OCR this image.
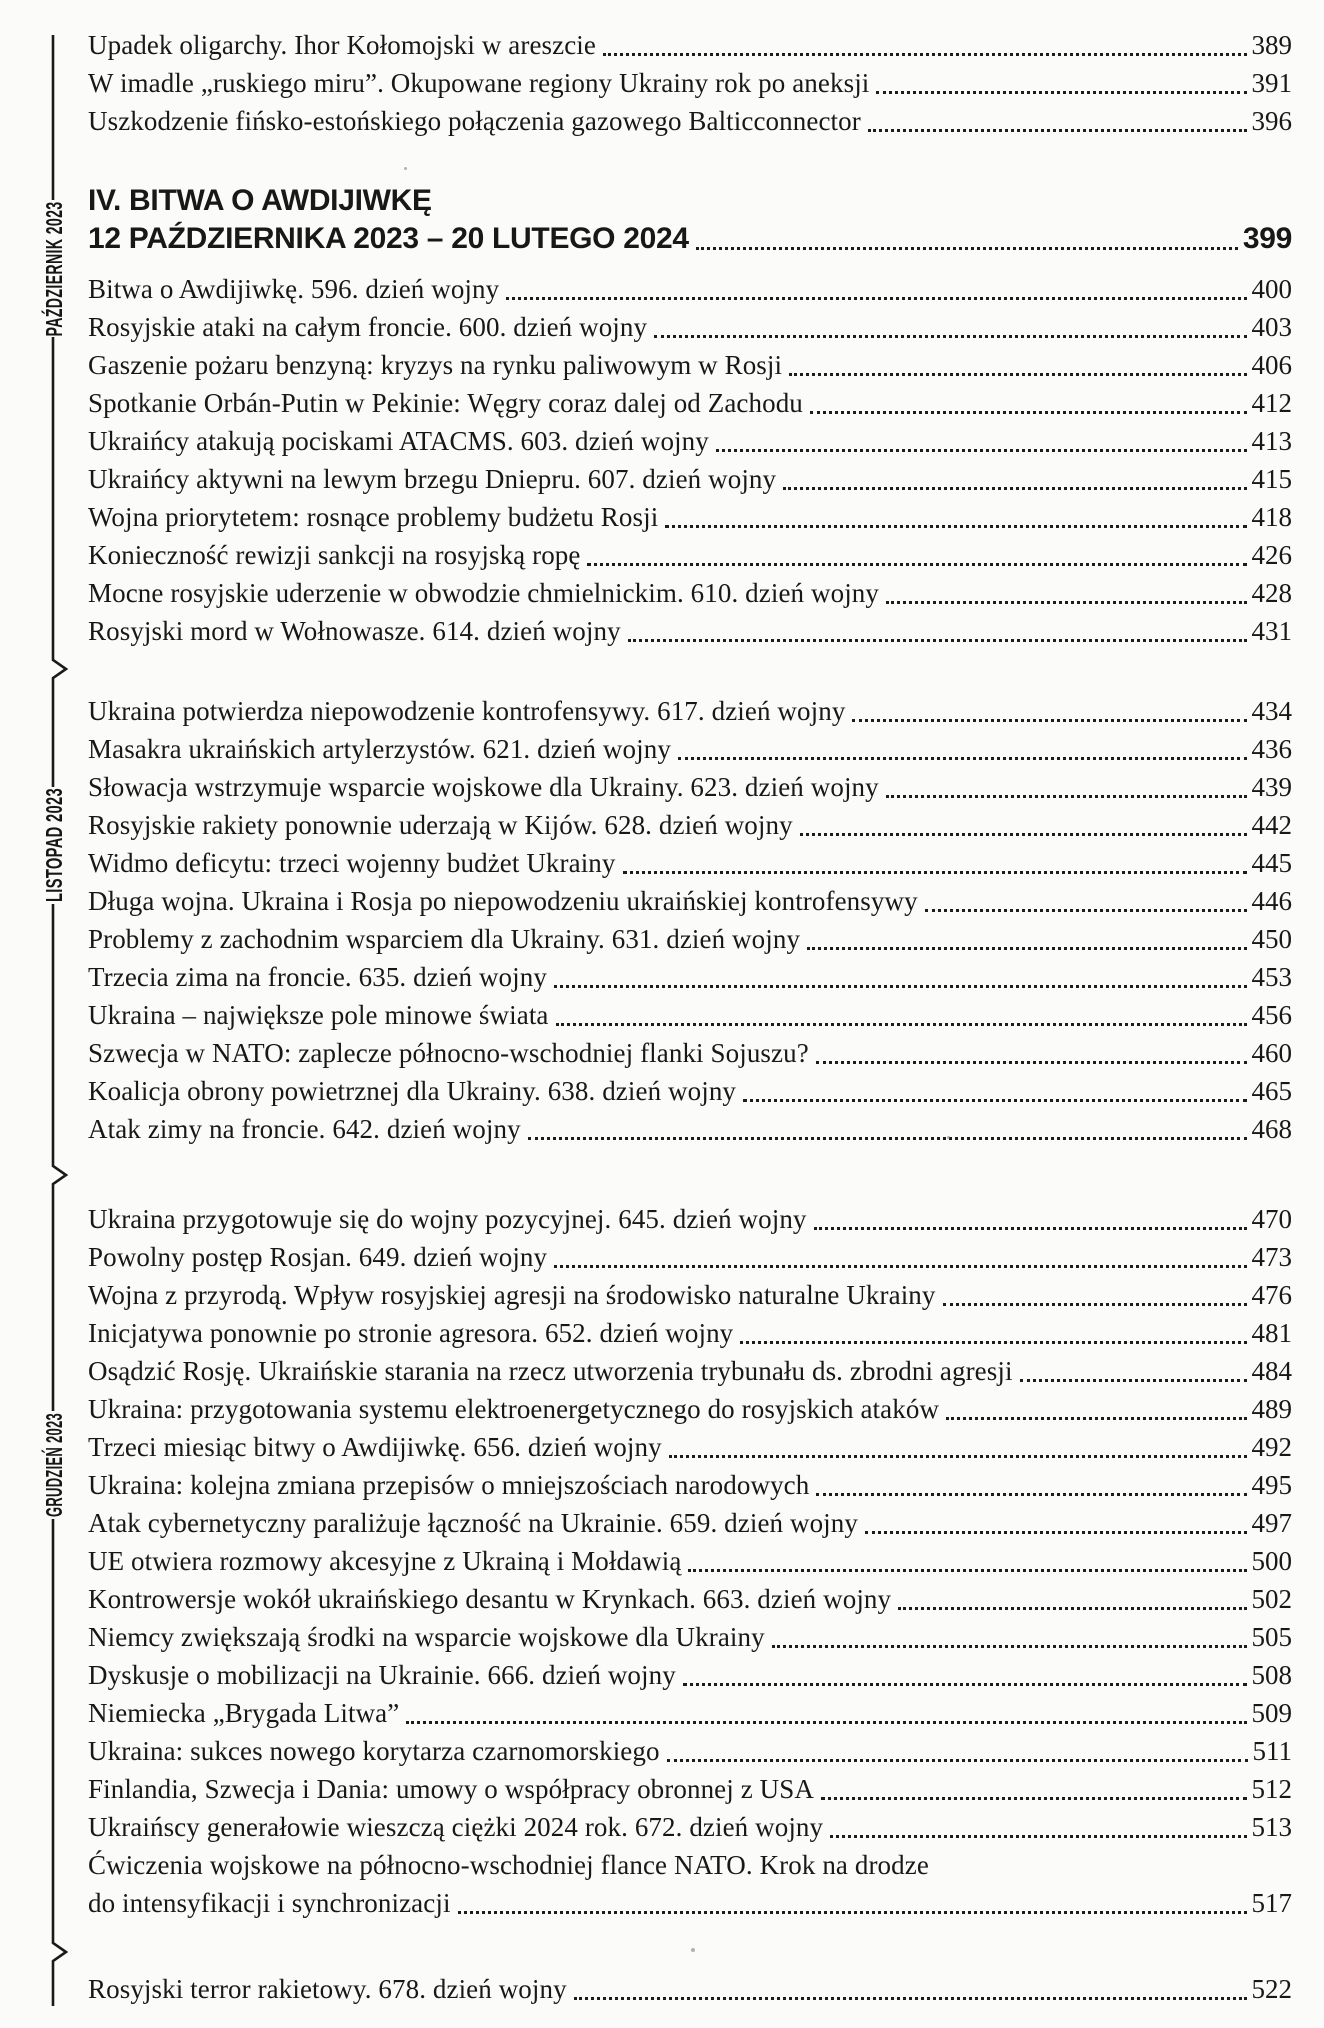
PAŹDZIERNIK 2023
LISTOPAD 2023
GRUDZIEŃ 2023
Upadek oligarchy. Ihor Kołomojski w areszcie	389
W imadle „ruskiego miru”. Okupowane regiony Ukrainy rok po aneksji	391
Uszkodzenie fińsko-estońskiego połączenia gazowego Balticconnector	396
IV. BITWA O AWDIJIWKĘ
12 PAŹDZIERNIKA 2023 – 20 LUTEGO 2024	399
Bitwa o Awdijiwkę. 596. dzień wojny	400
Rosyjskie ataki na całym froncie. 600. dzień wojny	403
Gaszenie pożaru benzyną: kryzys na rynku paliwowym w Rosji	406
Spotkanie Orbán-Putin w Pekinie: Węgry coraz dalej od Zachodu	412
Ukraińcy atakują pociskami ATACMS. 603. dzień wojny	413
Ukraińcy aktywni na lewym brzegu Dniepru. 607. dzień wojny	415
Wojna priorytetem: rosnące problemy budżetu Rosji	418
Konieczność rewizji sankcji na rosyjską ropę	426
Mocne rosyjskie uderzenie w obwodzie chmielnickim. 610. dzień wojny	428
Rosyjski mord w Wołnowasze. 614. dzień wojny	431
Ukraina potwierdza niepowodzenie kontrofensywy. 617. dzień wojny	434
Masakra ukraińskich artylerzystów. 621. dzień wojny	436
Słowacja wstrzymuje wsparcie wojskowe dla Ukrainy. 623. dzień wojny	439
Rosyjskie rakiety ponownie uderzają w Kijów. 628. dzień wojny	442
Widmo deficytu: trzeci wojenny budżet Ukrainy	445
Długa wojna. Ukraina i Rosja po niepowodzeniu ukraińskiej kontrofensywy	446
Problemy z zachodnim wsparciem dla Ukrainy. 631. dzień wojny	450
Trzecia zima na froncie. 635. dzień wojny	453
Ukraina – największe pole minowe świata	456
Szwecja w NATO: zaplecze północno-wschodniej flanki Sojuszu?	460
Koalicja obrony powietrznej dla Ukrainy. 638. dzień wojny	465
Atak zimy na froncie. 642. dzień wojny	468
Ukraina przygotowuje się do wojny pozycyjnej. 645. dzień wojny	470
Powolny postęp Rosjan. 649. dzień wojny	473
Wojna z przyrodą. Wpływ rosyjskiej agresji na środowisko naturalne Ukrainy	476
Inicjatywa ponownie po stronie agresora. 652. dzień wojny	481
Osądzić Rosję. Ukraińskie starania na rzecz utworzenia trybunału ds. zbrodni agresji	484
Ukraina: przygotowania systemu elektroenergetycznego do rosyjskich ataków	489
Trzeci miesiąc bitwy o Awdijiwkę. 656. dzień wojny	492
Ukraina: kolejna zmiana przepisów o mniejszościach narodowych	495
Atak cybernetyczny paraliżuje łączność na Ukrainie. 659. dzień wojny	497
UE otwiera rozmowy akcesyjne z Ukrainą i Mołdawią	500
Kontrowersje wokół ukraińskiego desantu w Krynkach. 663. dzień wojny	502
Niemcy zwiększają środki na wsparcie wojskowe dla Ukrainy	505
Dyskusje o mobilizacji na Ukrainie. 666. dzień wojny	508
Niemiecka „Brygada Litwa”	509
Ukraina: sukces nowego korytarza czarnomorskiego	511
Finlandia, Szwecja i Dania: umowy o współpracy obronnej z USA	512
Ukraińscy generałowie wieszczą ciężki 2024 rok. 672. dzień wojny	513
Ćwiczenia wojskowe na północno-wschodniej flance NATO. Krok na drodze
do intensyfikacji i synchronizacji	517
Rosyjski terror rakietowy. 678. dzień wojny	522
